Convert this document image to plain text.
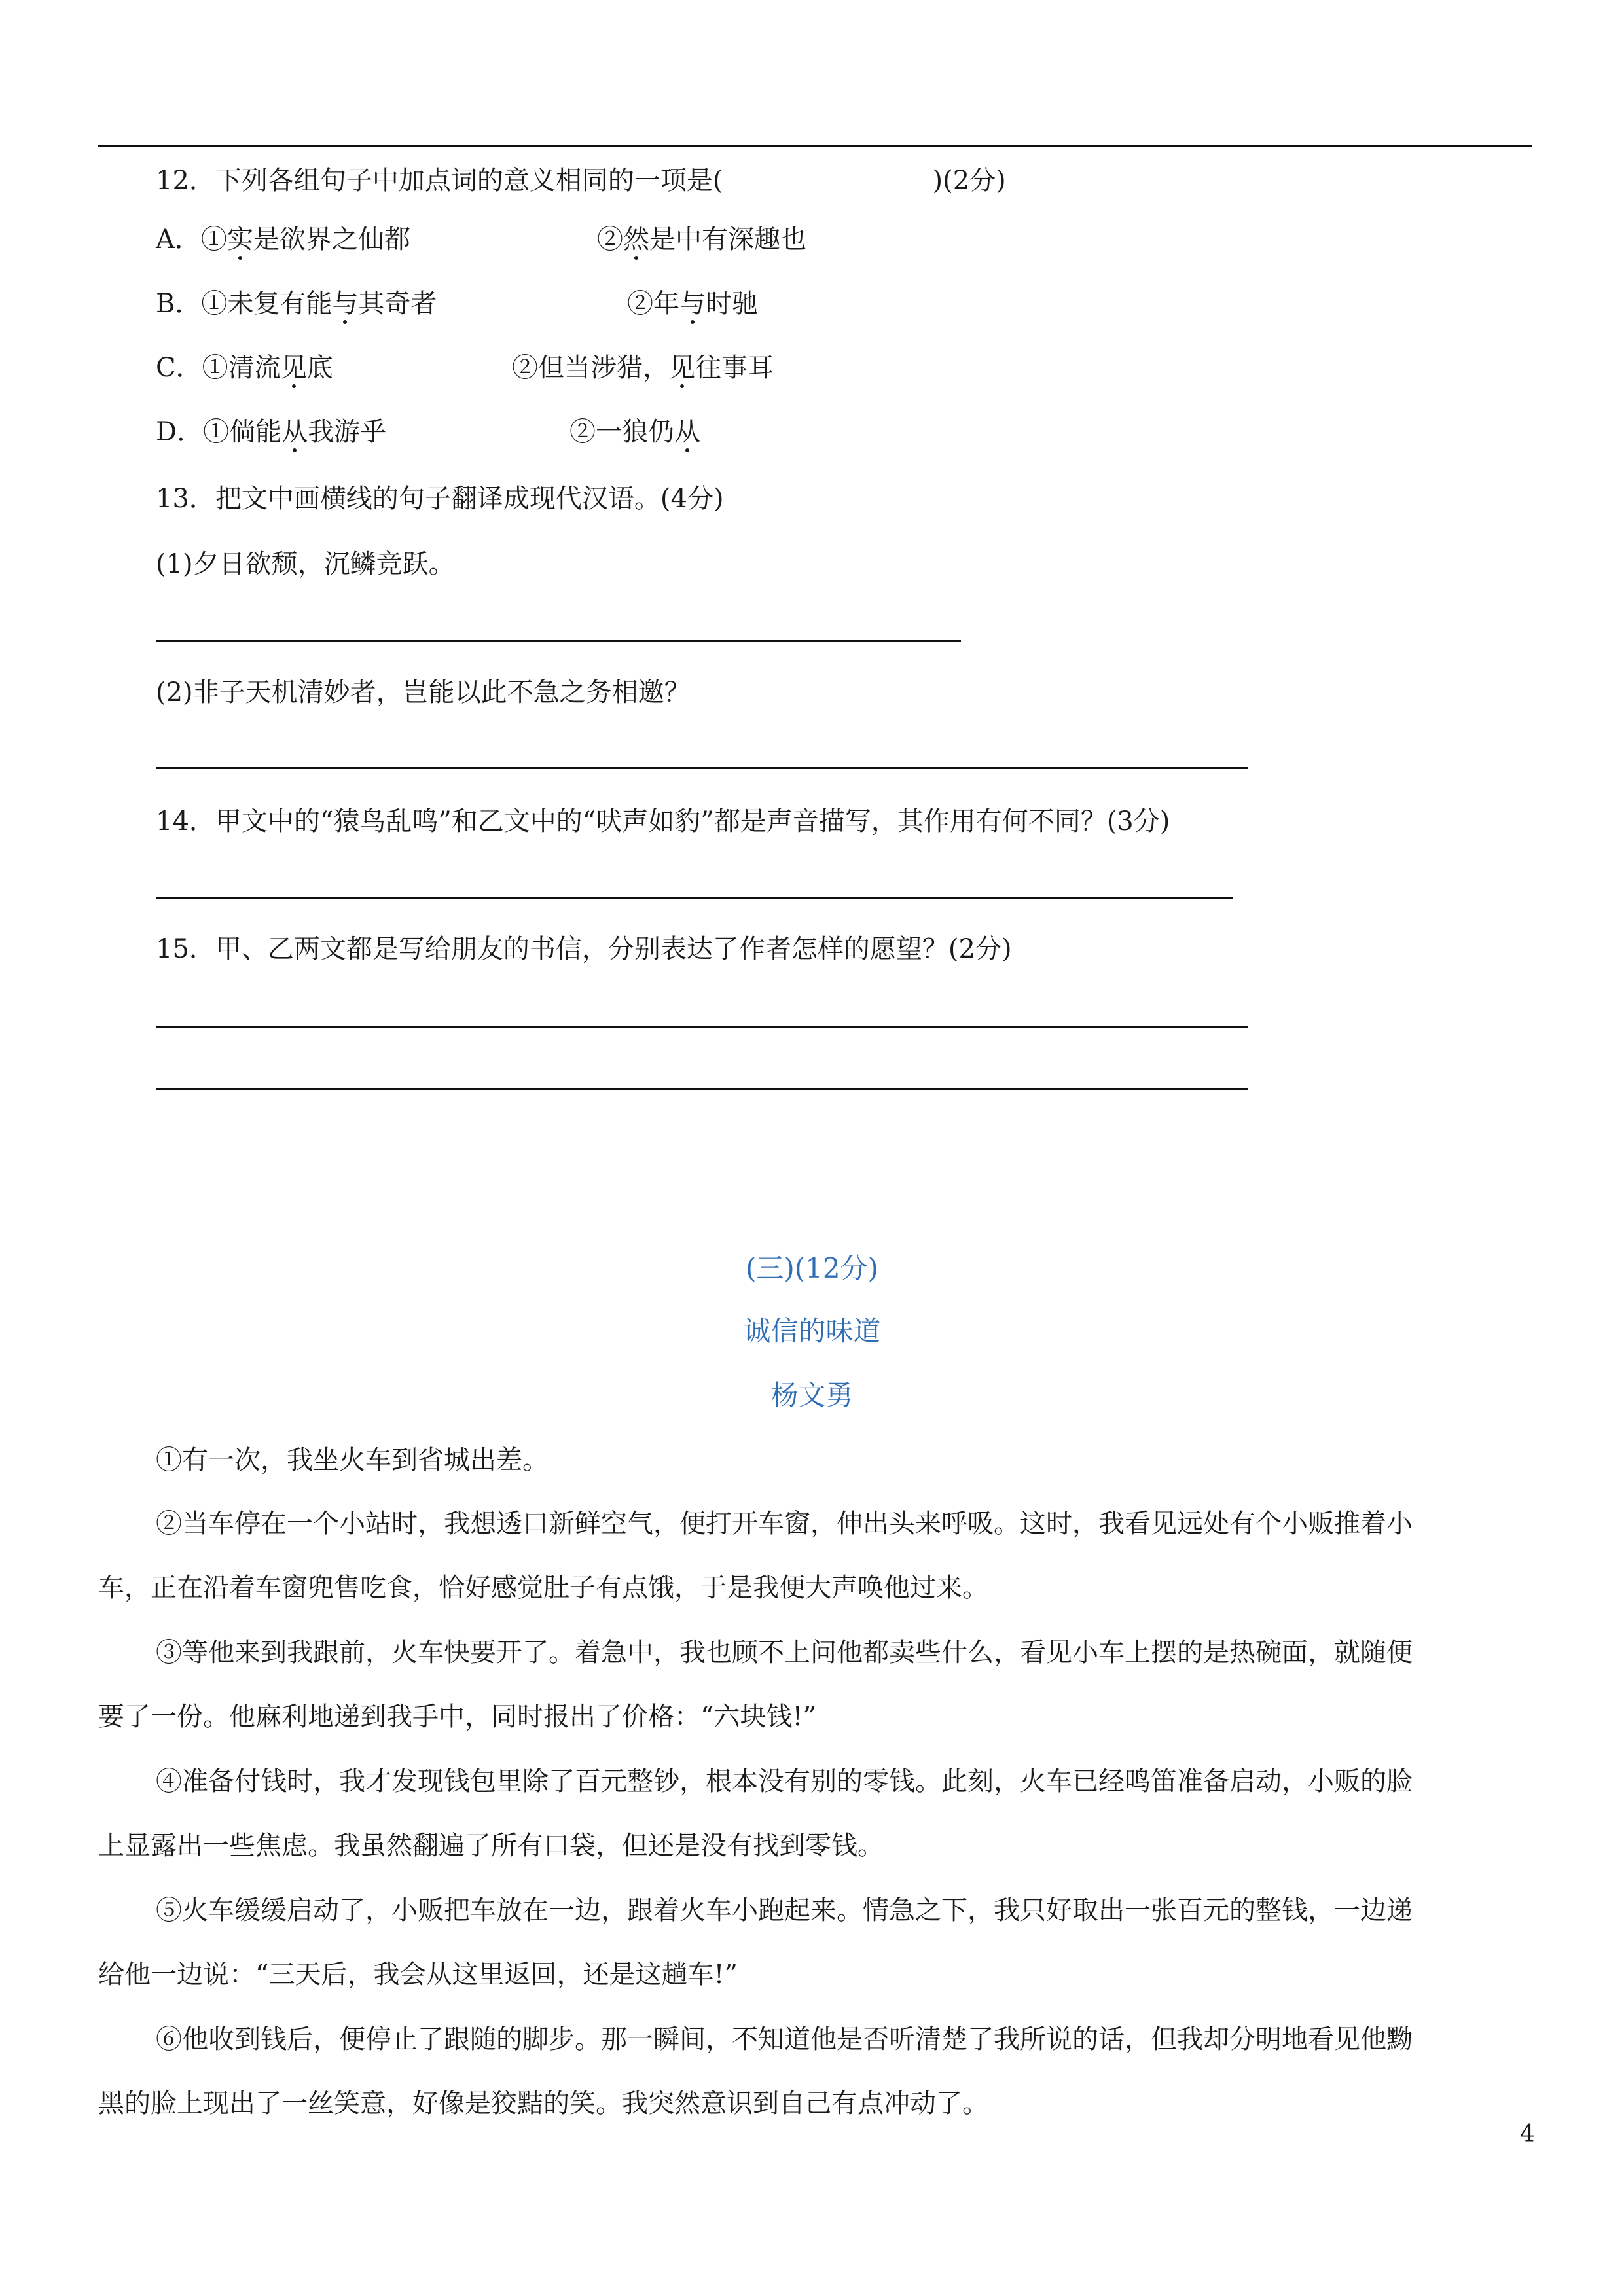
12．下列各组句子中加点词的意义相同的一项是(　　　　　　　　)(2分)
A．①实是欲界之仙都	②然是中有深趣也
B．①未复有能与其奇者	②年与时驰
C．①清流见底	②但当涉猎，见往事耳
D．①倘能从我游乎	②一狼仍从
13．把文中画横线的句子翻译成现代汉语。(4分)
(1)夕日欲颓，沉鳞竞跃。
(2)非子天机清妙者，岂能以此不急之务相邀？
14．甲文中的“猿鸟乱鸣”和乙文中的“吠声如豹”都是声音描写，其作用有何不同？(3分)
15．甲、乙两文都是写给朋友的书信，分别表达了作者怎样的愿望？(2分)
(三)(12分)
诚信的味道
杨文勇
①有一次，我坐火车到省城出差。
②当车停在一个小站时，我想透口新鲜空气，便打开车窗，伸出头来呼吸。这时，我看见远处有个小贩推着小
车，正在沿着车窗兜售吃食，恰好感觉肚子有点饿，于是我便大声唤他过来。
③等他来到我跟前，火车快要开了。着急中，我也顾不上问他都卖些什么，看见小车上摆的是热碗面，就随便
要了一份。他麻利地递到我手中，同时报出了价格：“六块钱!”
④准备付钱时，我才发现钱包里除了百元整钞，根本没有别的零钱。此刻，火车已经鸣笛准备启动，小贩的脸
上显露出一些焦虑。我虽然翻遍了所有口袋，但还是没有找到零钱。
⑤火车缓缓启动了，小贩把车放在一边，跟着火车小跑起来。情急之下，我只好取出一张百元的整钱，一边递
给他一边说：“三天后，我会从这里返回，还是这趟车!”
⑥他收到钱后，便停止了跟随的脚步。那一瞬间，不知道他是否听清楚了我所说的话，但我却分明地看见他黝
黑的脸上现出了一丝笑意，好像是狡黠的笑。我突然意识到自己有点冲动了。
4
